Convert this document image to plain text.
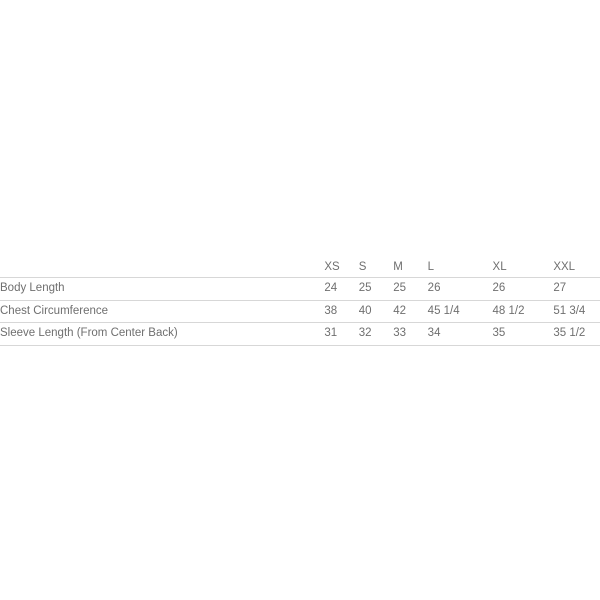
	XS	S	M	L	XL	XXL
Body Length	24	25	25	26	26	27
Chest Circumference	38	40	42	45 1/4	48 1/2	51 3/4
Sleeve Length (From Center Back)	31	32	33	34	35	35 1/2
